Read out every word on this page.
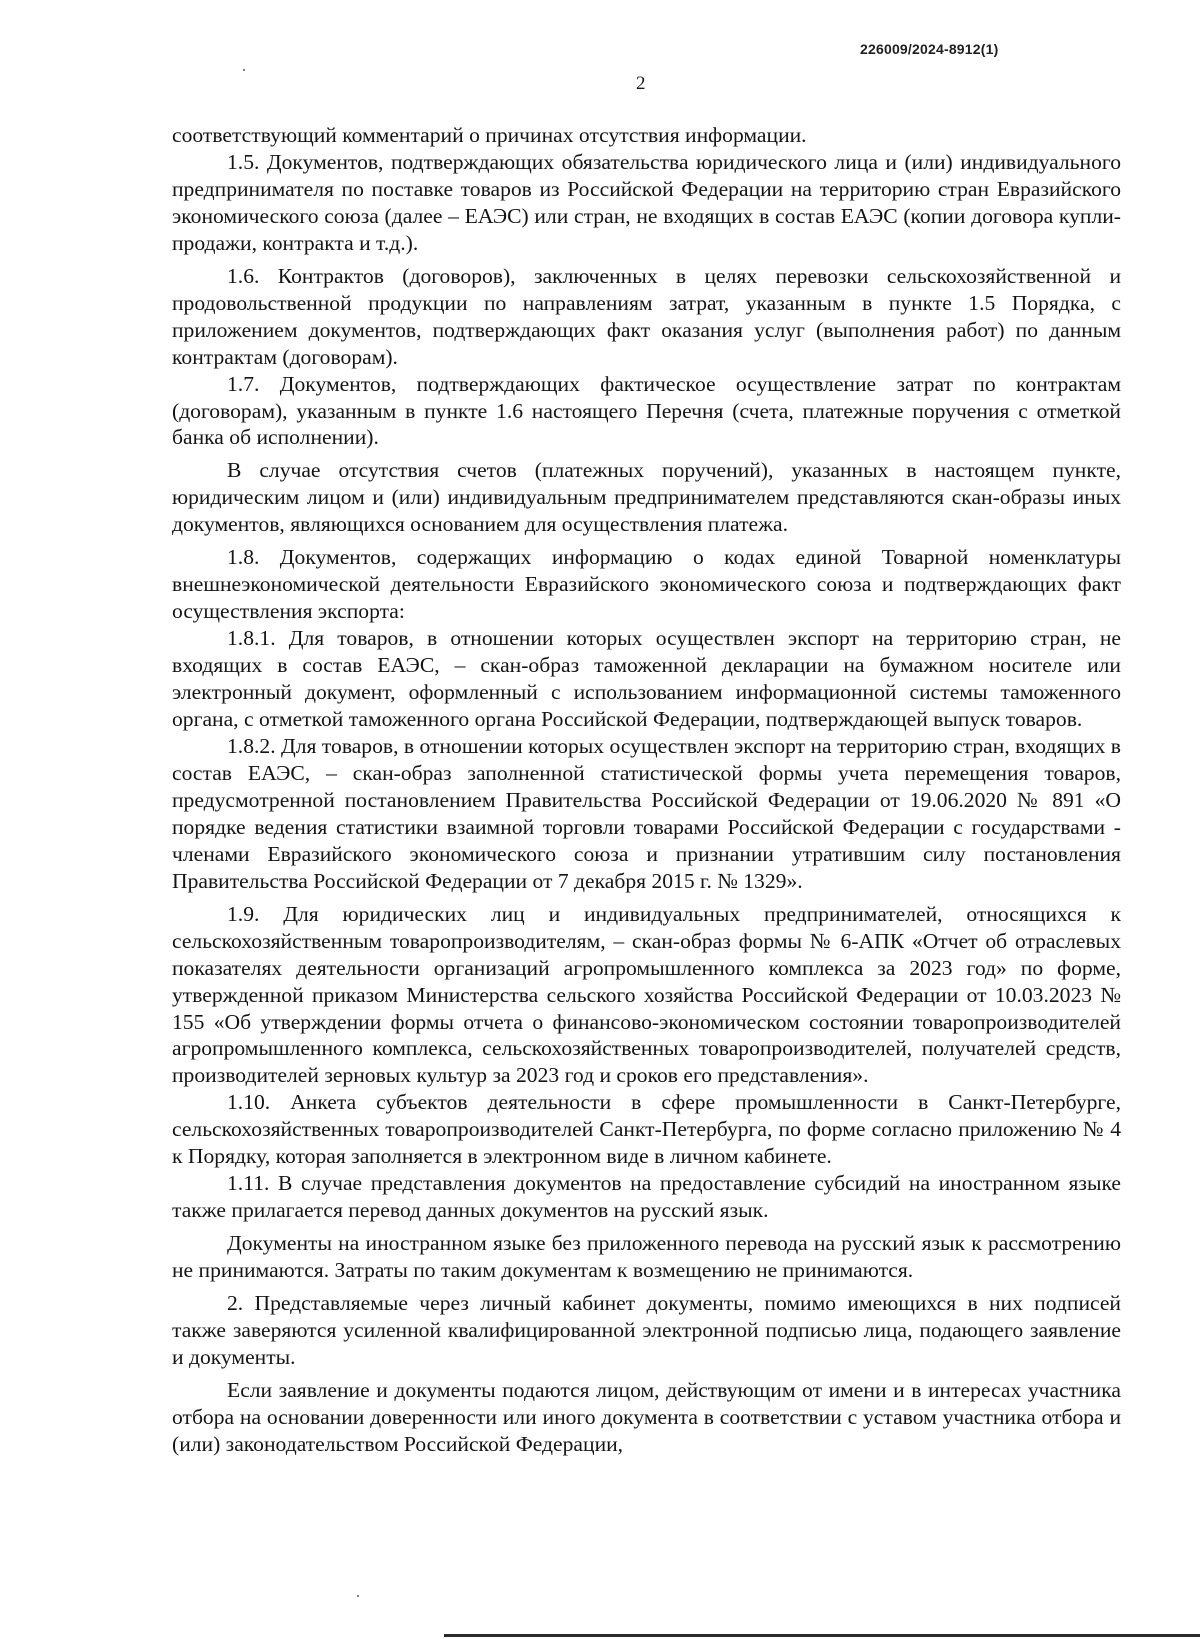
226009/2024-8912(1)
2

соответствующий комментарий о причинах отсутствия информации.

1.5. Документов, подтверждающих обязательства юридического лица и (или) индивидуального предпринимателя по поставке товаров из Российской Федерации на территорию стран Евразийского экономического союза (далее – ЕАЭС) или стран, не входящих в состав ЕАЭС (копии договора купли-продажи, контракта и т.д.).

1.6. Контрактов (договоров), заключенных в целях перевозки сельскохозяйственной и продовольственной продукции по направлениям затрат, указанным в пункте 1.5 Порядка, с приложением документов, подтверждающих факт оказания услуг (выполнения работ) по данным контрактам (договорам).

1.7. Документов, подтверждающих фактическое осуществление затрат по контрактам (договорам), указанным в пункте 1.6 настоящего Перечня (счета, платежные поручения с отметкой банка об исполнении).

В случае отсутствия счетов (платежных поручений), указанных в настоящем пункте, юридическим лицом и (или) индивидуальным предпринимателем представляются скан-образы иных документов, являющихся основанием для осуществления платежа.

1.8. Документов, содержащих информацию о кодах единой Товарной номенклатуры внешнеэкономической деятельности Евразийского экономического союза и подтверждающих факт осуществления экспорта:

1.8.1. Для товаров, в отношении которых осуществлен экспорт на территорию стран, не входящих в состав ЕАЭС, – скан-образ таможенной декларации на бумажном носителе или электронный документ, оформленный с использованием информационной системы таможенного органа, с отметкой таможенного органа Российской Федерации, подтверждающей выпуск товаров.

1.8.2. Для товаров, в отношении которых осуществлен экспорт на территорию стран, входящих в состав ЕАЭС, – скан-образ заполненной статистической формы учета перемещения товаров, предусмотренной постановлением Правительства Российской Федерации от 19.06.2020 № 891 «О порядке ведения статистики взаимной торговли товарами Российской Федерации с государствами - членами Евразийского экономического союза и признании утратившим силу постановления Правительства Российской Федерации от 7 декабря 2015 г. № 1329».

1.9. Для юридических лиц и индивидуальных предпринимателей, относящихся к сельскохозяйственным товаропроизводителям, – скан-образ формы № 6-АПК «Отчет об отраслевых показателях деятельности организаций агропромышленного комплекса за 2023 год» по форме, утвержденной приказом Министерства сельского хозяйства Российской Федерации от 10.03.2023 № 155 «Об утверждении формы отчета о финансово-экономическом состоянии товаропроизводителей агропромышленного комплекса, сельскохозяйственных товаропроизводителей, получателей средств, производителей зерновых культур за 2023 год и сроков его представления».

1.10. Анкета субъектов деятельности в сфере промышленности в Санкт-Петербурге, сельскохозяйственных товаропроизводителей Санкт-Петербурга, по форме согласно приложению № 4 к Порядку, которая заполняется в электронном виде в личном кабинете.

1.11. В случае представления документов на предоставление субсидий на иностранном языке также прилагается перевод данных документов на русский язык.

Документы на иностранном языке без приложенного перевода на русский язык к рассмотрению не принимаются. Затраты по таким документам к возмещению не принимаются.

2. Представляемые через личный кабинет документы, помимо имеющихся в них подписей также заверяются усиленной квалифицированной электронной подписью лица, подающего заявление и документы.

Если заявление и документы подаются лицом, действующим от имени и в интересах участника отбора на основании доверенности или иного документа в соответствии с уставом участника отбора и (или) законодательством Российской Федерации,
